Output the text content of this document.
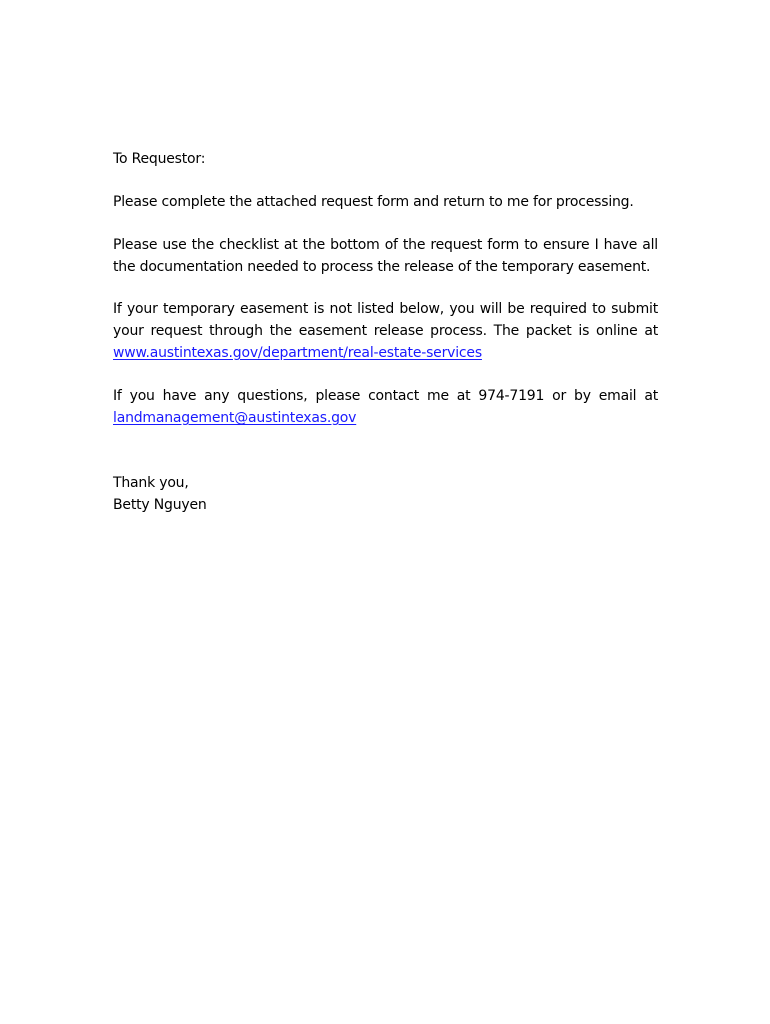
To Requestor:

Please complete the attached request form and return to me for processing.

Please use the checklist at the bottom of the request form to ensure I have all the documentation needed to process the release of the temporary easement.

If your temporary easement is not listed below, you will be required to submit your request through the easement release process. The packet is online at www.austintexas.gov/department/real-estate-services

If you have any questions, please contact me at 974-7191 or by email at landmanagement@austintexas.gov

Thank you,

Betty Nguyen
